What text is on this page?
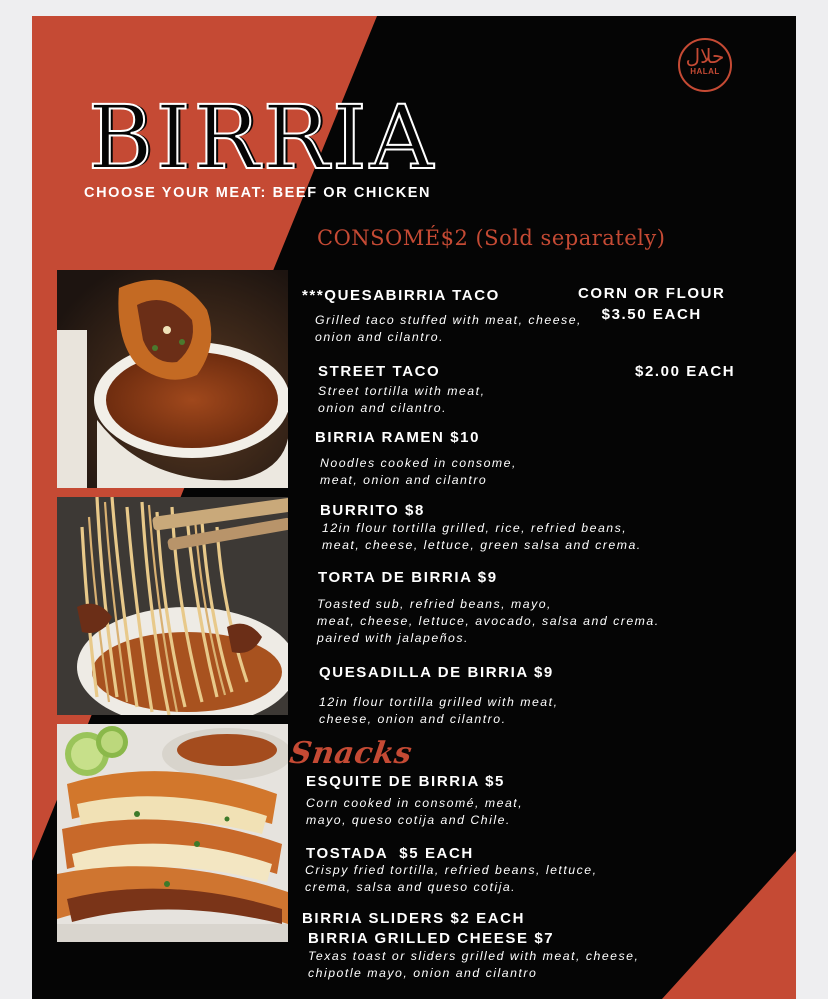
حلال
HALAL
BIRRIA
CHOOSE YOUR MEAT: BEEF OR CHICKEN
CONSOMÉ$2 (Sold separately)
***QUESABIRRIA TACO
Grilled taco stuffed with meat, cheese,
onion and cilantro.
CORN OR FLOUR
$3.50 EACH
STREET TACO
Street tortilla with meat,
onion and cilantro.
$2.00 EACH
BIRRIA RAMEN $10
Noodles cooked in consome,
meat, onion and cilantro
BURRITO $8
12in flour tortilla grilled, rice, refried beans,
meat, cheese, lettuce, green salsa and crema.
TORTA DE BIRRIA $9
Toasted sub, refried beans, mayo,
meat, cheese, lettuce, avocado, salsa and crema.
paired with jalapeños.
QUESADILLA DE BIRRIA $9
12in flour tortilla grilled with meat,
cheese, onion and cilantro.
Snacks
ESQUITE DE BIRRIA $5
Corn cooked in consomé, meat,
mayo, queso cotija and Chile.
TOSTADA  $5 EACH
Crispy fried tortilla, refried beans, lettuce,
crema, salsa and queso cotija.
BIRRIA SLIDERS $2 EACH
BIRRIA GRILLED CHEESE $7
Texas toast or sliders grilled with meat, cheese,
chipotle mayo, onion and cilantro
